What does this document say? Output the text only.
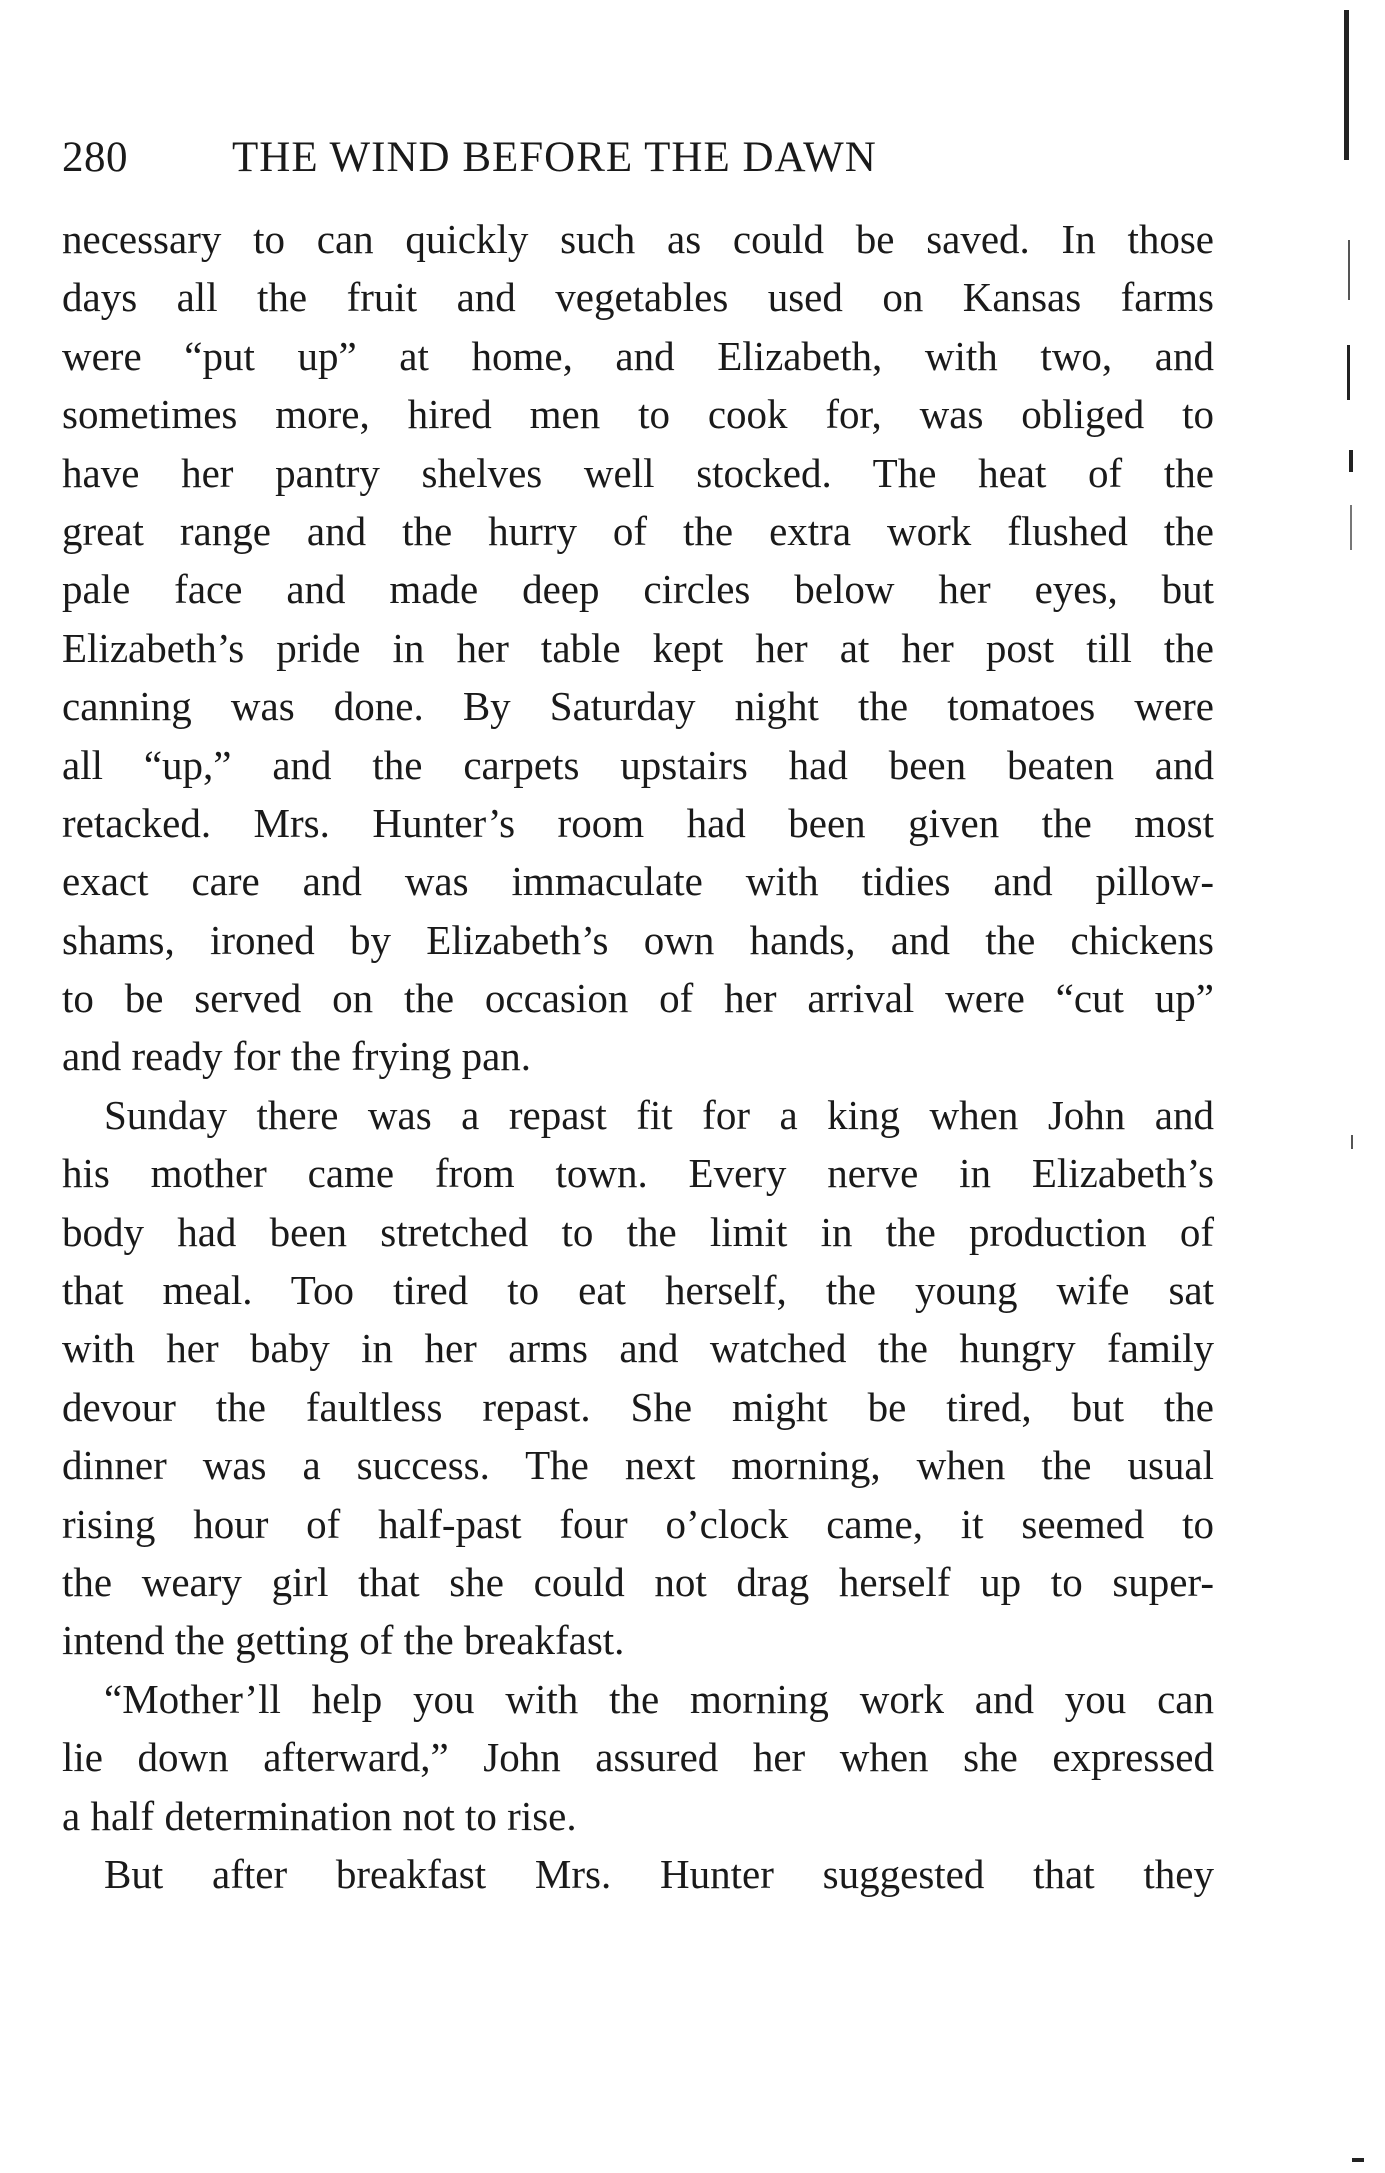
280 THE WIND BEFORE THE DAWN
necessary to can quickly such as could be saved. In those
days all the fruit and vegetables used on Kansas farms
were “put up” at home, and Elizabeth, with two, and
sometimes more, hired men to cook for, was obliged to
have her pantry shelves well stocked. The heat of the
great range and the hurry of the extra work flushed the
pale face and made deep circles below her eyes, but
Elizabeth’s pride in her table kept her at her post till the
canning was done. By Saturday night the tomatoes were
all “up,” and the carpets upstairs had been beaten and
retacked. Mrs. Hunter’s room had been given the most
exact care and was immaculate with tidies and pillow-
shams, ironed by Elizabeth’s own hands, and the chickens
to be served on the occasion of her arrival were “cut up”
and ready for the frying pan.
Sunday there was a repast fit for a king when John and
his mother came from town. Every nerve in Elizabeth’s
body had been stretched to the limit in the production of
that meal. Too tired to eat herself, the young wife sat
with her baby in her arms and watched the hungry family
devour the faultless repast. She might be tired, but the
dinner was a success. The next morning, when the usual
rising hour of half-past four o’clock came, it seemed to
the weary girl that she could not drag herself up to super-
intend the getting of the breakfast.
“Mother’ll help you with the morning work and you can
lie down afterward,” John assured her when she expressed
a half determination not to rise.
But after breakfast Mrs. Hunter suggested that they
